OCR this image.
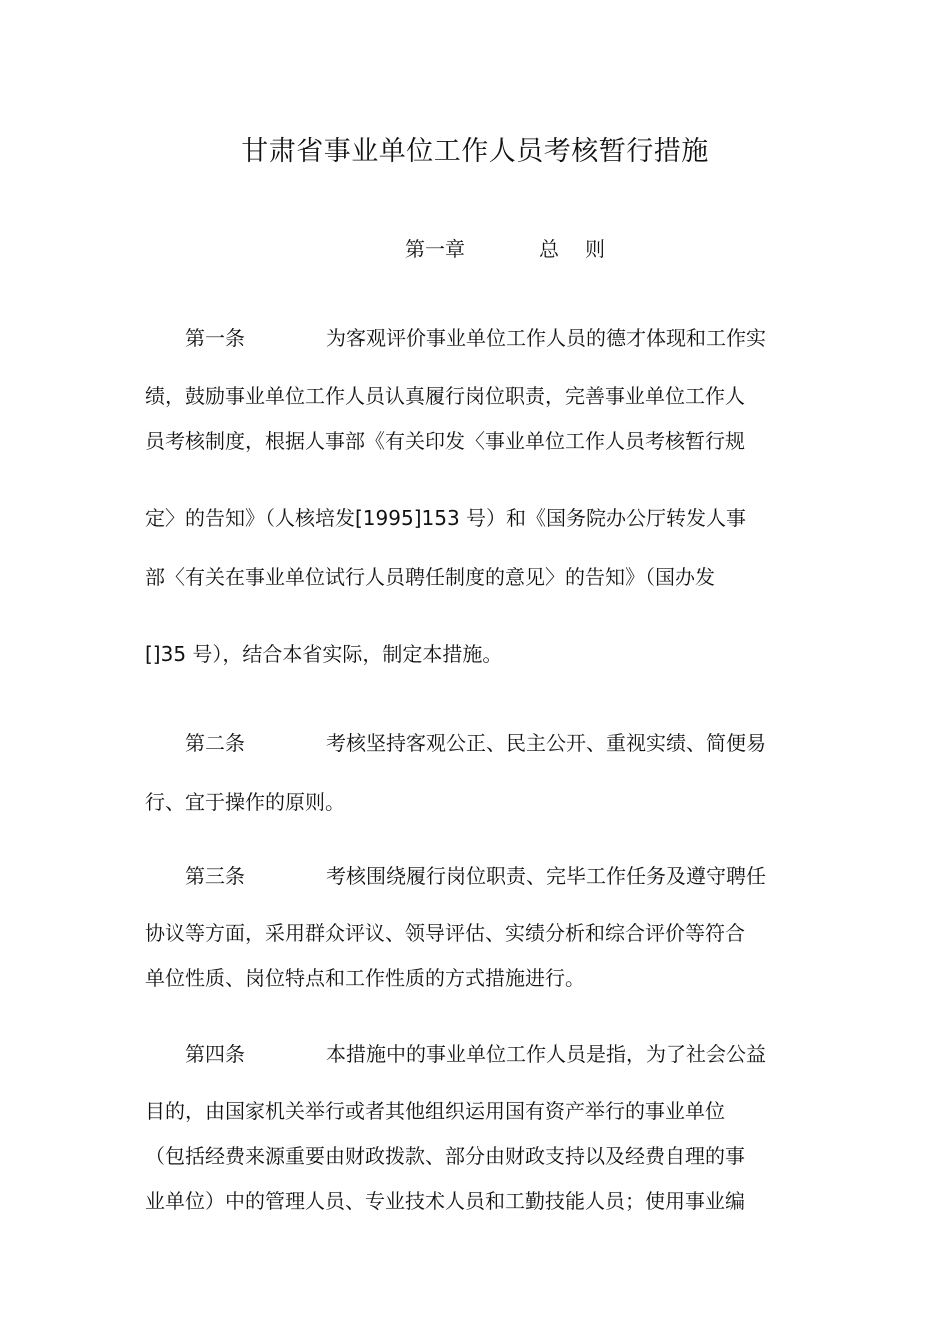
甘肃省事业单位工作人员考核暂行措施
第一章	总则
第一条	为客观评价事业单位工作人员的德才体现和工作实
绩，鼓励事业单位工作人员认真履行岗位职责，完善事业单位工作人
员考核制度，根据人事部《有关印发〈事业单位工作人员考核暂行规
定〉的告知》（人核培发[1995]153 号）和《国务院办公厅转发人事
部〈有关在事业单位试行人员聘任制度的意见〉的告知》（国办发
[]35 号），结合本省实际，制定本措施。
第二条	考核坚持客观公正、民主公开、重视实绩、简便易
行、宜于操作的原则。
第三条	考核围绕履行岗位职责、完毕工作任务及遵守聘任
协议等方面，采用群众评议、领导评估、实绩分析和综合评价等符合
单位性质、岗位特点和工作性质的方式措施进行。
第四条	本措施中的事业单位工作人员是指，为了社会公益
目的，由国家机关举行或者其他组织运用国有资产举行的事业单位
（包括经费来源重要由财政拨款、部分由财政支持以及经费自理的事
业单位）中的管理人员、专业技术人员和工勤技能人员；使用事业编
